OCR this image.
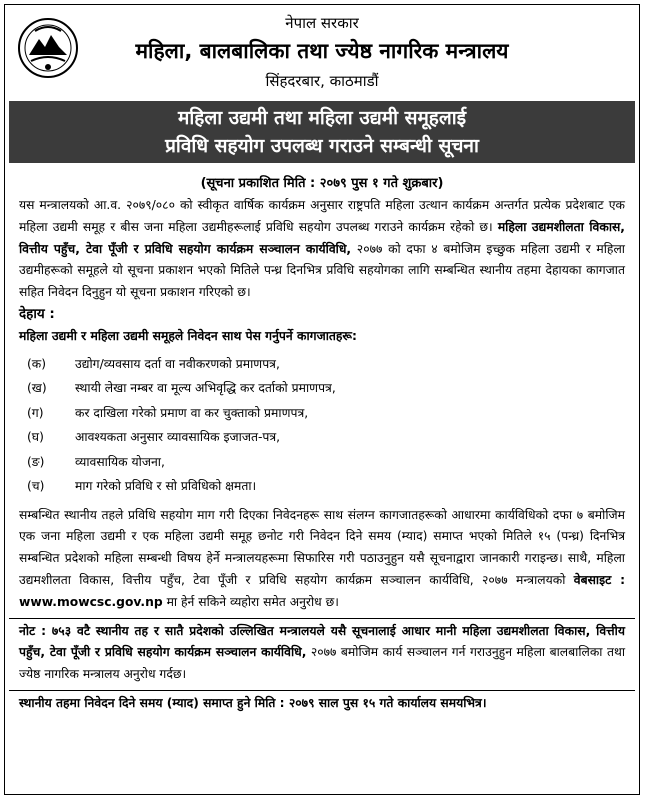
नेपाल सरकार
महिला, बालबालिका तथा ज्येष्ठ नागरिक मन्त्रालय
सिंहदरबार, काठमाडौं
महिला उद्यमी तथा महिला उद्यमी समूहलाई
प्रविधि सहयोग उपलब्ध गराउने सम्बन्धी सूचना
(सूचना प्रकाशित मिति : २०७९ पुस १ गते शुक्रबार)

यस मन्त्रालयको आ.व. २०७९/०८० को स्वीकृत वार्षिक कार्यक्रम अनुसार राष्ट्रपति महिला उत्थान कार्यक्रम अन्तर्गत प्रत्येक प्रदेशबाट एक महिला उद्यमी समूह र बीस जना महिला उद्यमीहरूलाई प्रविधि सहयोग उपलब्ध गराउने कार्यक्रम रहेको छ। महिला उद्यमशीलता विकास, वित्तीय पहुँच, टेवा पूँजी र प्रविधि सहयोग कार्यक्रम सञ्चालन कार्यविधि, २०७७ को दफा ४ बमोजिम इच्छुक महिला उद्यमी र महिला उद्यमीहरूको समूहले यो सूचना प्रकाशन भएको मितिले पन्ध्र दिनभित्र प्रविधि सहयोगका लागि सम्बन्धित स्थानीय तहमा देहायका कागजात सहित निवेदन दिनुहुन यो सूचना प्रकाशन गरिएको छ।

देहाय :

महिला उद्यमी र महिला उद्यमी समूहले निवेदन साथ पेस गर्नुपर्ने कागजातहरू:

(क)	उद्योग/व्यवसाय दर्ता वा नवीकरणको प्रमाणपत्र,
(ख)	स्थायी लेखा नम्बर वा मूल्य अभिवृद्धि कर दर्ताको प्रमाणपत्र,
(ग)	कर दाखिला गरेको प्रमाण वा कर चुक्ताको प्रमाणपत्र,
(घ)	आवश्यकता अनुसार व्यावसायिक इजाजत-पत्र,
(ङ)	व्यावसायिक योजना,
(च)	माग गरेको प्रविधि र सो प्रविधिको क्षमता।

सम्बन्धित स्थानीय तहले प्रविधि सहयोग माग गरी दिएका निवेदनहरू साथ संलग्न कागजातहरूको आधारमा कार्यविधिको दफा ७ बमोजिम एक जना महिला उद्यमी र एक महिला उद्यमी समूह छनोट गरी निवेदन दिने समय (म्याद) समाप्त भएको मितिले १५ (पन्ध्र) दिनभित्र सम्बन्धित प्रदेशको महिला सम्बन्धी विषय हेर्ने मन्त्रालयहरूमा सिफारिस गरी पठाउनुहुन यसै सूचनाद्वारा जानकारी गराइन्छ। साथै, महिला उद्यमशीलता विकास, वित्तीय पहुँच, टेवा पूँजी र प्रविधि सहयोग कार्यक्रम सञ्चालन कार्यविधि, २०७७ मन्त्रालयको वेबसाइट : www.mowcsc.gov.np मा हेर्न सकिने व्यहोरा समेत अनुरोध छ।

नोट : ७५३ वटै स्थानीय तह र सातै प्रदेशको उल्लिखित मन्त्रालयले यसै सूचनालाई आधार मानी महिला उद्यमशीलता विकास, वित्तीय पहुँच, टेवा पूँजी र प्रविधि सहयोग कार्यक्रम सञ्चालन कार्यविधि, २०७७ बमोजिम कार्य सञ्चालन गर्न गराउनुहुन महिला बालबालिका तथा ज्येष्ठ नागरिक मन्त्रालय अनुरोध गर्दछ।

स्थानीय तहमा निवेदन दिने समय (म्याद) समाप्त हुने मिति : २०७९ साल पुस १५ गते कार्यालय समयभित्र।
